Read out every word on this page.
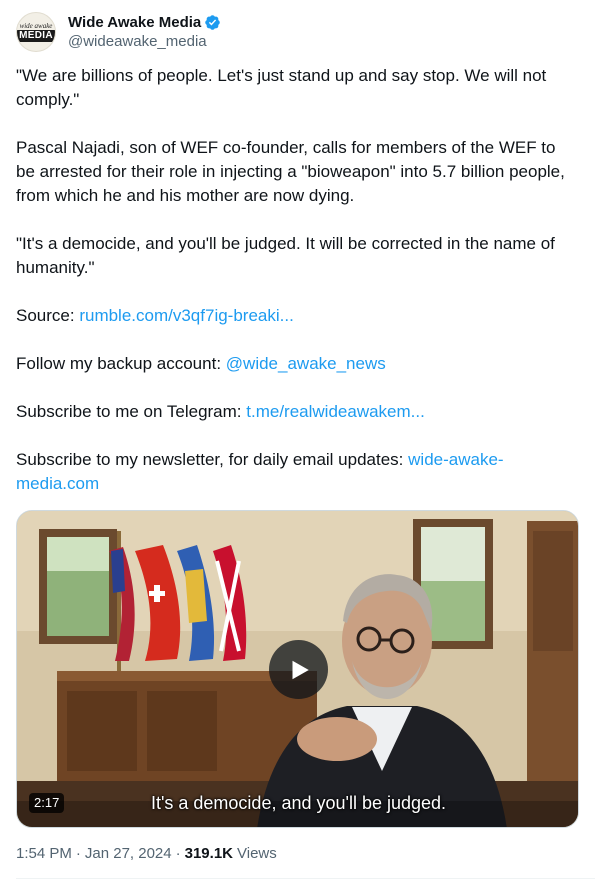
wide awake
MEDIA
Wide Awake Media
@wideawake_media

"We are billions of people. Let's just stand up and say stop. We will not comply."

Pascal Najadi, son of WEF co-founder, calls for members of the WEF to be arrested for their role in injecting a "bioweapon" into 5.7 billion people, from which he and his mother are now dying.

"It's a democide, and you'll be judged. It will be corrected in the name of humanity."

Source: rumble.com/v3qf7ig-breaki...

Follow my backup account: @wide_awake_news

Subscribe to me on Telegram: t.me/realwideawakem...

Subscribe to my newsletter, for daily email updates: wide-awake-media.com

2:17	It's a democide, and you'll be judged.
1:54 PM · Jan 27, 2024 · 319.1K Views
